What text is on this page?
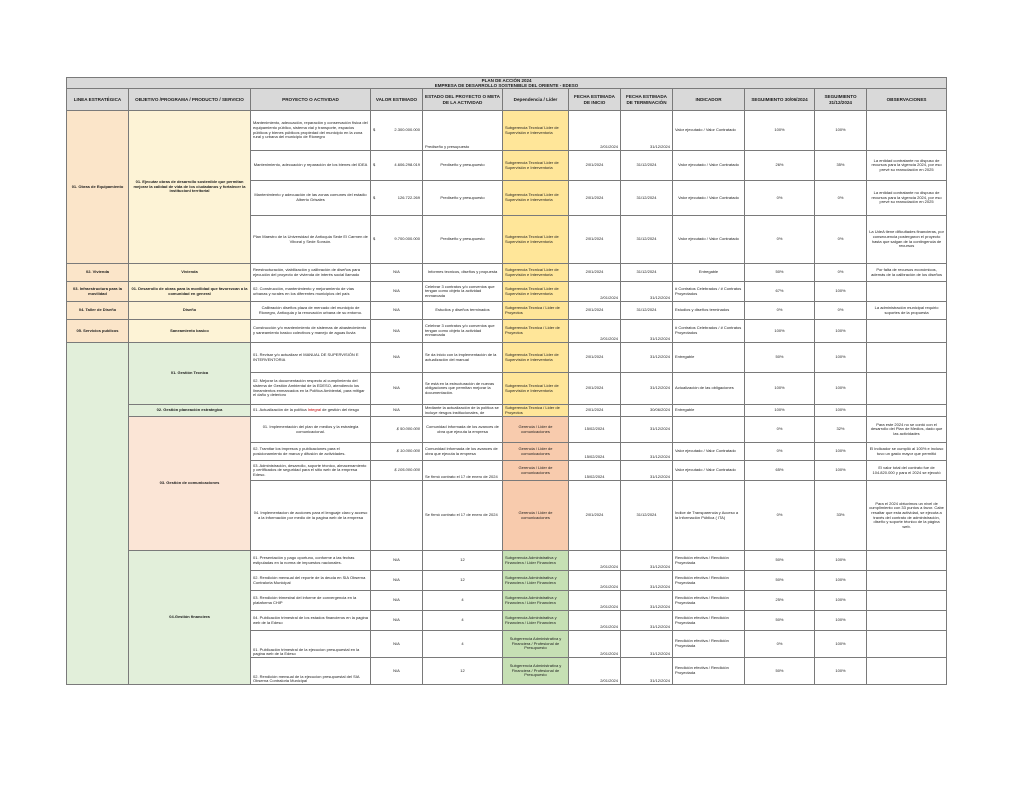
PLAN DE ACCIÓN 2024											
EMPRESA DE DESARROLLO SOSTENIBLE DEL ORIENTE - EDESO											
LINEA ESTRATÉGICA	OBJETIVO /PROGRAMA / PRODUCTO / SERVICIO	PROYECTO O ACTIVIDAD	VALOR ESTIMADO	ESTADO DEL PROYECTO O META DE LA ACTIVIDAD	Dependencia / Líder	FECHA ESTIMADA DE INICIO	FECHA ESTIMADA DE TERMINACIÓN	INDICADOR	SEGUIMIENTO 30/06/2024	SEGUIMIENTO 31/12/2024	OBSERVACIONES
01. Obras de Equipamiento	01. Ejecutar obras de desarrollo sostenible que permitan mejorar la calidad de vida de los ciudadanos y fortalecer la institucionl territorial	Mantenimiento, adecuación, reparación y conservación física del equipamiento público, sistema vial y transporte, espacios públicos y bienes públicos propiedad del municipio en la zona rural y urbana del municipio de Rionegro	$ 2.300.000.000	Prediseño y presupuesto	Subgerencia Tecnica/ Lider de Supervisión e Interventoria	2/01/2024	31/12/2024	Valor ejecutado / Valor Contratado	100%	100%	
		Mantenimiento, adecuación y reparación de los bienes del IDEA	$ 4.606.298.019	Prediseño y presupuesto	Subgerencia Tecnica/ Lider de Supervisión e Interventoria	2/01/2024	31/12/2024	Valor ejecutado / Valor Contratado	26%	35%	La entidad contratante no dispuso de recursos para la vigencia 2024, por eso prevé su reanudación en 2025
		Mantenimiento y adecuación de las zonas comunes del estadio Alberto Grisales	$ 126.722.269	Prediseño y presupuesto	Subgerencia Tecnica/ Lider de Supervisión e Interventoria	2/01/2024	31/12/2024	Valor ejecutado / Valor Contratado	0%	0%	La entidad contratante no dispuso de recursos para la vigencia 2024, por eso prevé su reanudación en 2025
		Plan Maestro de la Universidad de Antioquia Sede El Carmen de Viboral y Sede Sonsón.	$ 9.700.000.000	Prediseño y presupuesto	Subgerencia Tecnica/ Lider de Supervisión e Interventoria	2/01/2024	31/12/2024	Valor ejecutado / Valor Contratado	0%	0%	La UdeA tiene dificultades financieras, por consecuencia postergaron el proyecto hasta que salgan de la contingencia de recursos
02. Vivienda	Vivienda	Reestructuración, viabilización y calibración de diseños para ejecución del proyecto de vivienda de interés social llamado	N/A	Informes tecnicos, diseños y propuesta	Subgerencia Tecnica/ Lider de Supervisión e Interventoria	2/01/2024	31/12/2024	Entregable	50%	0%	Por falta de recursos económicos, además de la calibración de los diseños
03. Infraestructura para la movilidad	01. Desarrollo de obras para la movilidad que favorezcan a la comunidad en general	02. Construcción, mantenimiento y mejoramiento de vías urbanas y rurales en los diferentes municipios del país	N/A	Celebrar 3 contratos y/o convenios que tengan como objeto la actividad enmarcada	Subgerencia Tecnica/ Lider de Supervisión e Interventoria	2/01/2024	31/12/2024	# Contratos Celebrados / # Contratos Proyectados	67%	100%	
04. Taller de Diseño	Diseño	Calibración diseños plaza de mercado del municipio de Rionegro, Antioquia y la renovación urbana de su entorno.	N/A	Estudios y diseños terminados	Subgerencia Tecnica / Lider de Proyectos	2/01/2024	31/12/2024	Estudios y diseños terminados	0%	0%	La administración municipal requirio soportes de la propuesta
05. Servicios publicos	Saneamiento basico	Construcción y/o mantenimiento de sistemas de abastecimiento y saneamiento basico colectivos y manejo de aguas lluvia	N/A	Celebrar 3 contratos y/o convenios que tengan como objeto la actividad enmarcada	Subgerencia Tecnica / Lider de Proyectos	2/01/2024	31/12/2024	# Contratos Celebrados / # Contratos Proyectados	100%	100%	
	01. Gestión Tecnica	01. Revisar y/o actualizar el MANUAL DE SUPERVISIÓN E INTERVENTORIA	N/A	Se da inicio con la implementación de la actualización del manual	Subgerencia Tecnica/ Lider de Supervisión e Interventoria	2/01/2024	31/12/2024	Entregable	50%	100%	
		02. Mejorar la documentación respecto al cumplimiento del sistema de Gestión Ambiental de la EDESO, atendiendo los lineamientos enmarcados en la Política Ambiental, para mitigar el daño y deterioro	N/A	Se está en la estructuración de nuevas obligaciones que permitan mejorar la documentación.	Subgerencia Tecnica/ Lider de Supervisión e Interventoria	2/01/2024	31/12/2024	Actualización de las obligaciones	100%	100%	
	02. Gestión planeación estrategica	01. Actualización de la política Integral de gestión del riesgo	N/A	Mediante la actualización de la política se incluye riesgos institucionales, de	Subgerencia Tecnica / Lider de Proyectos	2/01/2024	30/06/2024	Entregable	100%	100%	
	03. Gestión de comunicaciones	01. Implementación del plan de medios y la estrategia comunicacional.	$ 50.000.000	Comunidad informada de los avances de obra que ejecuta la empresa	Gerencia / Lider de comunicaciones	15/02/2024	31/12/2024		0%	32%	Para este 2024 no se contó con el desarrollo del Plan de Medios, dado que las actividades
		02. Tramitar los impresos y publicaciones para el posicionamiento de marca y difusión de actividades.	$ 10.000.000	Comunidad informada de los avances de obra que ejecuta la empresa	Gerencia / Lider de comunicaciones	15/02/2024	31/12/2024	Valor ejecutado / Valor Contratado	0%	100%	El indicador se cumplió al 100% e incluso tuvo un gasto mayor que permitió
		03. Administración, desarrollo, soporte técnico, almacenamiento y certificados de seguridad para el sitio web de la empresa Edeso.	$ 105.000.000	Se firmó contrato el 17 de enero de 2024	Gerencia / Lider de comunicaciones	15/02/2024	31/12/2024	Valor ejecutado / Valor Contratado	65%	100%	El valor total del contrato fue de 104.820.000 y para el 2024 se ejecutó
		04. Implementacion de acciones para el lenguaje claro y acceso a la información por medio de la pagina web de la empresa		Se firmó contrato el 17 de enero de 2024	Gerencia / Lider de comunicaciones	2/01/2024	31/12/2024	Indice de Transparencia y Acceso a la Información Pública ( ITA)	0%	33%	Para el 2024 obtuvimos un nivel de cumplimiento con 33 puntos a favor. Cabe resaltar que esta actividad, se ejecuta a través del contrato de administración, diseño y soporte técnico de la página web.
	04.Gestión financiera	01. Presentación y pago oportuno, conforme a las fechas estipuladas en la norma de impuestos nacionales.	N/A	12	Subgerencia Administrativa y Financiera / Lider Financiera	2/01/2024	31/12/2024	Rendición efectiva / Rendición Proyectada	50%	100%	
		02. Rendición mensual del reporte de la deuda en SIA Obserna Contraloria Municipal	N/A	12	Subgerencia Administrativa y Financiera / Lider Financiera	2/01/2024	31/12/2024	Rendición efectiva / Rendición Proyectada	50%	100%	
		03. Rendición trimestral del informe de convergencia en la plataforma CHIP	N/A	4	Subgerencia Administrativa y Financiera / Lider Financiera	2/01/2024	31/12/2024	Rendición efectiva / Rendición Proyectada	25%	100%	
		04. Publicación trimestral de los estados financieros en la pagina web de la Edeso	N/A	4	Subgerencia Administrativa y Financiera / Lider Financiera	2/01/2024	31/12/2024	Rendición efectiva / Rendición Proyectada	50%	100%	
		01. Publicación trimestral de la ejecucion presupuestal en la pagina web de la Edeso	N/A	4	Subgerencia Administrativa y Financiera / Profesional de Presupuesto	2/01/2024	31/12/2024	Rendición efectiva / Rendición Proyectada	0%	100%	
		02. Rendición mensual de la ejecucion presupuestal del SIA Obserna Contraloria Municipal	N/A	12	Subgerencia Administrativa y Financiera / Profesional de Presupuesto	2/01/2024	31/12/2024	Rendición efectiva / Rendición Proyectada	50%	100%	
